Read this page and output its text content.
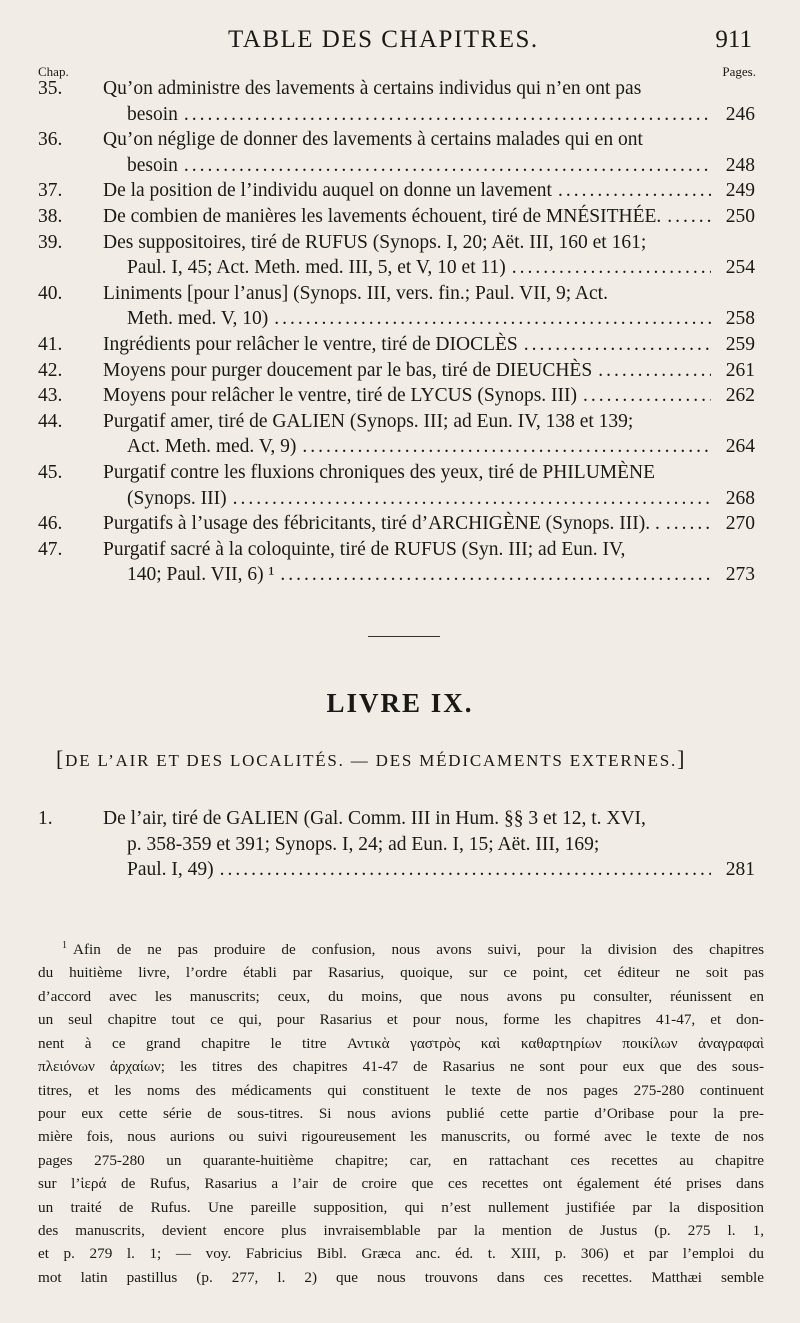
TABLE DES CHAPITRES.	911
Chap.	Pages.
35. Qu’on administre des lavements à certains individus qui n’en ont pas
besoin .....	246
36. Qu’on néglige de donner des lavements à certains malades qui en ont
besoin .....	248
37. De la position de l’individu auquel on donne un lavement .....	249
38. De combien de manières les lavements échouent, tiré de MNÉSITHÉE. .....	250
39. Des suppositoires, tiré de RUFUS (Synops. I, 20; Aët. III, 160 et 161;
Paul. I, 45; Act. Meth. med. III, 5, et V, 10 et 11) .....	254
40. Liniments [pour l’anus] (Synops. III, vers. fin.; Paul. VII, 9; Act.
Meth. med. V, 10) .....	258
41. Ingrédients pour relâcher le ventre, tiré de DIOCLÈS .....	259
42. Moyens pour purger doucement par le bas, tiré de DIEUCHÈS .....	261
43. Moyens pour relâcher le ventre, tiré de LYCUS (Synops. III) .....	262
44. Purgatif amer, tiré de GALIEN (Synops. III; ad Eun. IV, 138 et 139;
Act. Meth. med. V, 9) .....	264
45. Purgatif contre les fluxions chroniques des yeux, tiré de PHILUMÈNE
(Synops. III) .....	268
46. Purgatifs à l’usage des fébricitants, tiré d’ARCHIGÈNE (Synops. III). . .....	270
47. Purgatif sacré à la coloquinte, tiré de RUFUS (Syn. III; ad Eun. IV,
140; Paul. VII, 6) ¹ .....	273
LIVRE IX.
[DE L’AIR ET DES LOCALITÉS. — DES MÉDICAMENTS EXTERNES.]
1.	De l’air, tiré de GALIEN (Gal. Comm. III in Hum. §§ 3 et 12, t. XVI,
p. 358-359 et 391; Synops. I, 24; ad Eun. I, 15; Aët. III, 169;
Paul. I, 49) .....	281
$^1$ Afin de ne pas produire de confusion, nous avons suivi, pour la division des chapitres
du huitième livre, l’ordre établi par Rasarius, quoique, sur ce point, cet éditeur ne soit pas
d’accord avec les manuscrits; ceux, du moins, que nous avons pu consulter, réunissent en
un seul chapitre tout ce qui, pour Rasarius et pour nous, forme les chapitres 41-47, et don-
nent à ce grand chapitre le titre Αντικὰ γαστρὸς καὶ καθαρτηρίων ποικίλων ἀναγραφαὶ
πλειόνων ἀρχαίων; les titres des chapitres 41-47 de Rasarius ne sont pour eux que des sous-
titres, et les noms des médicaments qui constituent le texte de nos pages 275-280 continuent
pour eux cette série de sous-titres. Si nous avions publié cette partie d’Oribase pour la pre-
mière fois, nous aurions ou suivi rigoureusement les manuscrits, ou formé avec le texte de nos
pages 275-280 un quarante-huitième chapitre; car, en rattachant ces recettes au chapitre
sur l’ἱερά de Rufus, Rasarius a l’air de croire que ces recettes ont également été prises dans
un traité de Rufus. Une pareille supposition, qui n’est nullement justifiée par la disposition
des manuscrits, devient encore plus invraisemblable par la mention de Justus (p. 275 l. 1,
et p. 279 l. 1; — voy. Fabricius Bibl. Græca anc. éd. t. XIII, p. 306) et par l’emploi du
mot latin pastillus (p. 277, l. 2) que nous trouvons dans ces recettes. Matthæi semble
